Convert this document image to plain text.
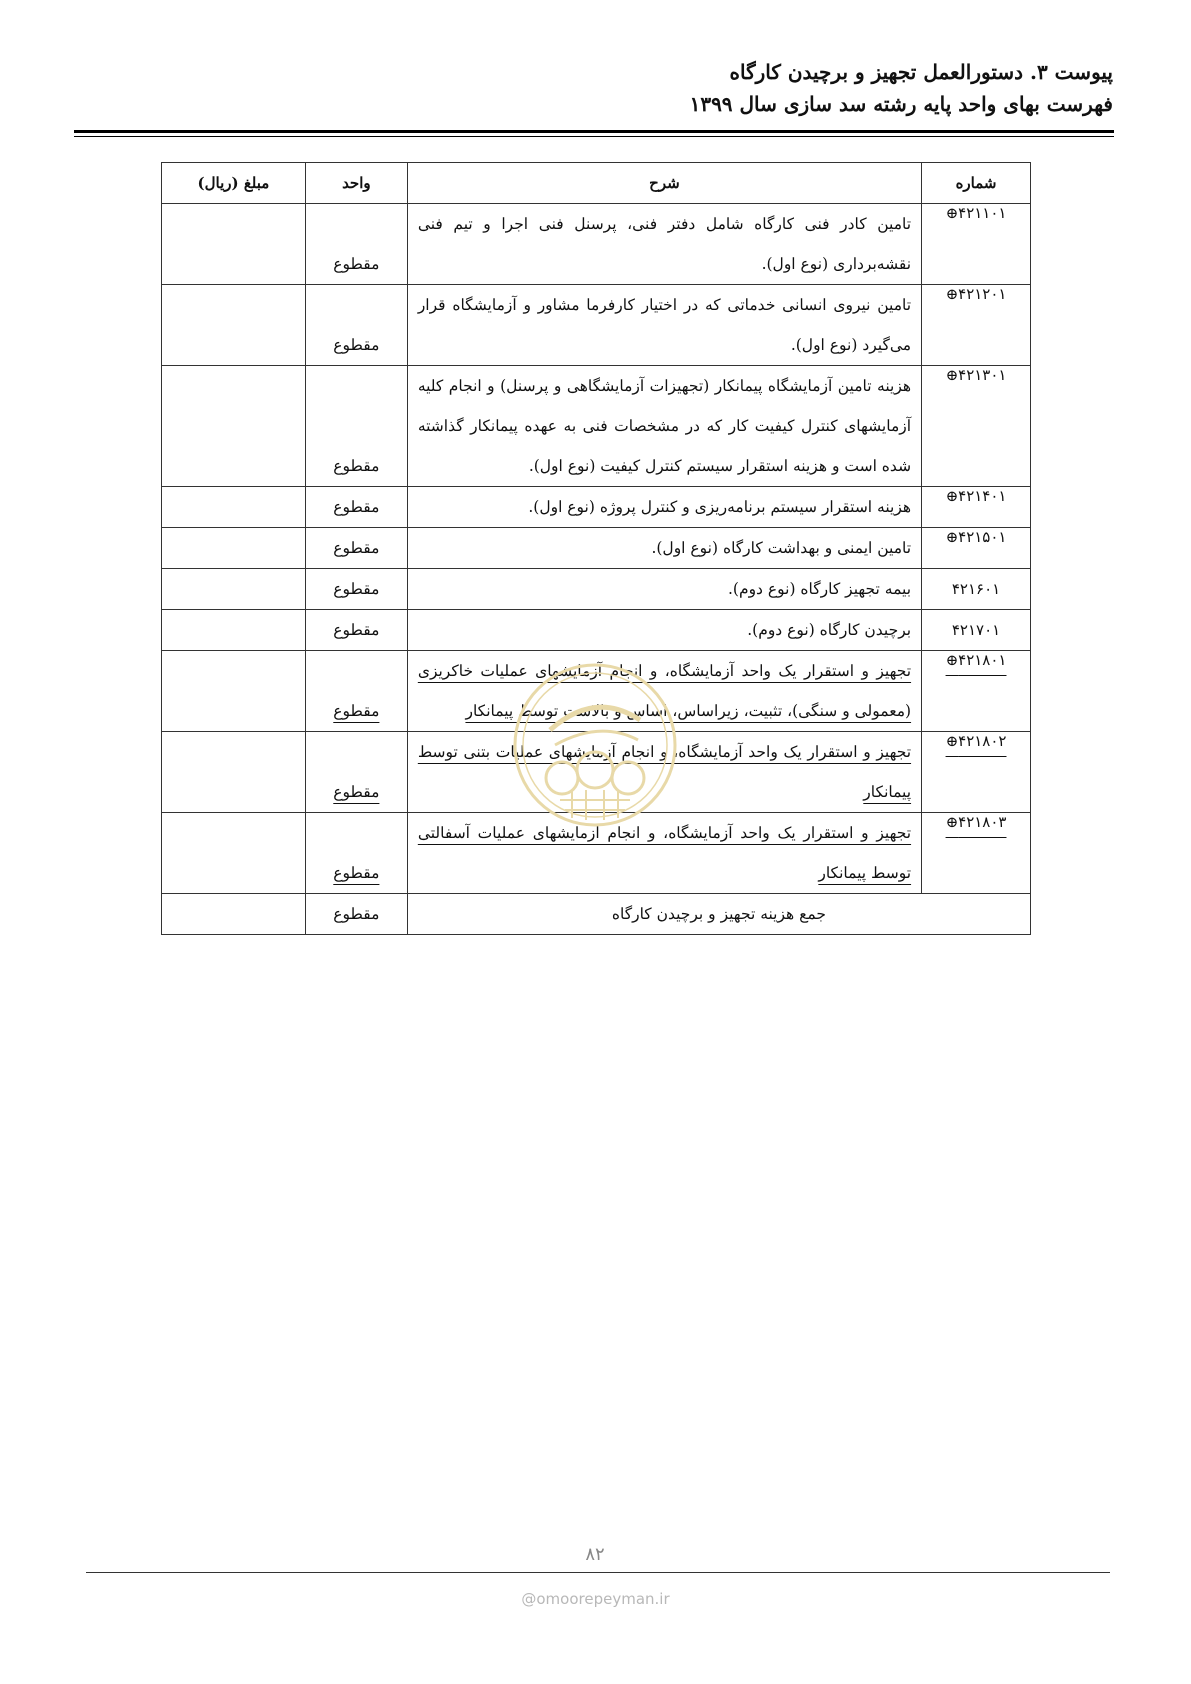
پیوست ۳. دستورالعمل تجهیز و برچیدن کارگاه
فهرست بهای واحد پایه رشته سد سازی سال ۱۳۹۹
شماره	شرح	واحد	مبلغ (ریال)
۴۲۱۱۰۱⊕	تامین کادر فنی کارگاه شامل دفتر فنی، پرسنل فنی اجرا و تیم فنی نقشه‌برداری (نوع اول).	مقطوع	
۴۲۱۲۰۱⊕	تامین نیروی انسانی خدماتی که در اختیار کارفرما مشاور و آزمایشگاه قرار می‌گیرد (نوع اول).	مقطوع	
۴۲۱۳۰۱⊕	هزینه تامین آزمایشگاه پیمانکار (تجهیزات آزمایشگاهی و پرسنل) و انجام کلیه آزمایشهای کنترل کیفیت کار که در مشخصات فنی به عهده پیمانکار گذاشته شده است و هزینه استقرار سیستم کنترل کیفیت (نوع اول).	مقطوع	
۴۲۱۴۰۱⊕	هزینه استقرار سیستم برنامه‌ریزی و کنترل پروژه (نوع اول).	مقطوع	
۴۲۱۵۰۱⊕	تامین ایمنی و بهداشت کارگاه (نوع اول).	مقطوع	
۴۲۱۶۰۱	بیمه تجهیز کارگاه (نوع دوم).	مقطوع	
۴۲۱۷۰۱	برچیدن کارگاه (نوع دوم).	مقطوع	
۴۲۱۸۰۱⊕	تجهیز و استقرار یک واحد آزمایشگاه، و انجام آزمایشهای عملیات خاکریزی (معمولی و سنگی)، تثبیت، زیراساس، اساس و بالاست توسط پیمانکار	مقطوع	
۴۲۱۸۰۲⊕	تجهیز و استقرار یک واحد آزمایشگاه، و انجام آزمایشهای عملیات بتنی توسط پیمانکار	مقطوع	
۴۲۱۸۰۳⊕	تجهیز و استقرار یک واحد آزمایشگاه، و انجام آزمایشهای عملیات آسفالتی توسط پیمانکار	مقطوع	
جمع هزینه تجهیز و برچیدن کارگاه		مقطوع	
۸۲
@omoorepeyman.ir
